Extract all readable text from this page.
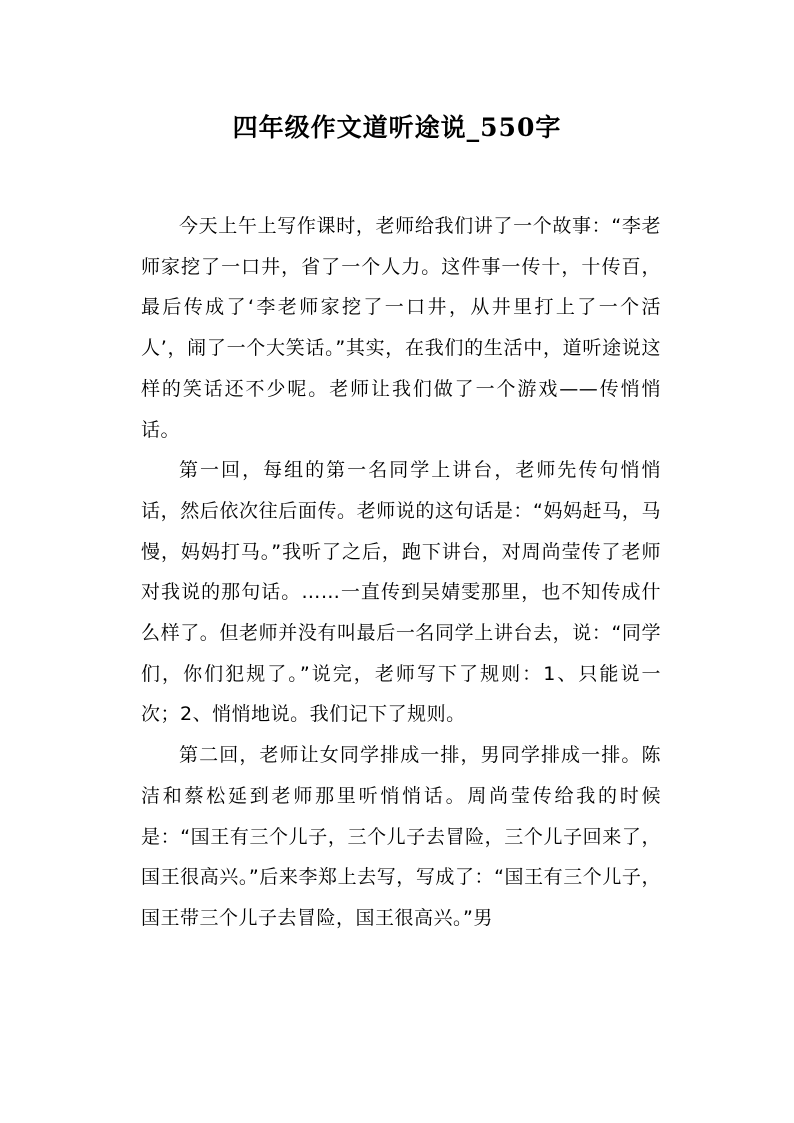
四年级作文道听途说_550字

今天上午上写作课时，老师给我们讲了一个故事：“李老师家挖了一口井，省了一个人力。这件事一传十，十传百，最后传成了‘李老师家挖了一口井，从井里打上了一个活人’，闹了一个大笑话。”其实，在我们的生活中，道听途说这样的笑话还不少呢。老师让我们做了一个游戏——传悄悄话。

第一回，每组的第一名同学上讲台，老师先传句悄悄话，然后依次往后面传。老师说的这句话是：“妈妈赶马，马慢，妈妈打马。”我听了之后，跑下讲台，对周尚莹传了老师对我说的那句话。……一直传到吴婧雯那里，也不知传成什么样了。但老师并没有叫最后一名同学上讲台去，说：“同学们，你们犯规了。”说完，老师写下了规则：1、只能说一次；2、悄悄地说。我们记下了规则。

第二回，老师让女同学排成一排，男同学排成一排。陈洁和蔡松延到老师那里听悄悄话。周尚莹传给我的时候是：“国王有三个儿子，三个儿子去冒险，三个儿子回来了，国王很高兴。”后来李郑上去写，写成了：“国王有三个儿子，国王带三个儿子去冒险，国王很高兴。”男
